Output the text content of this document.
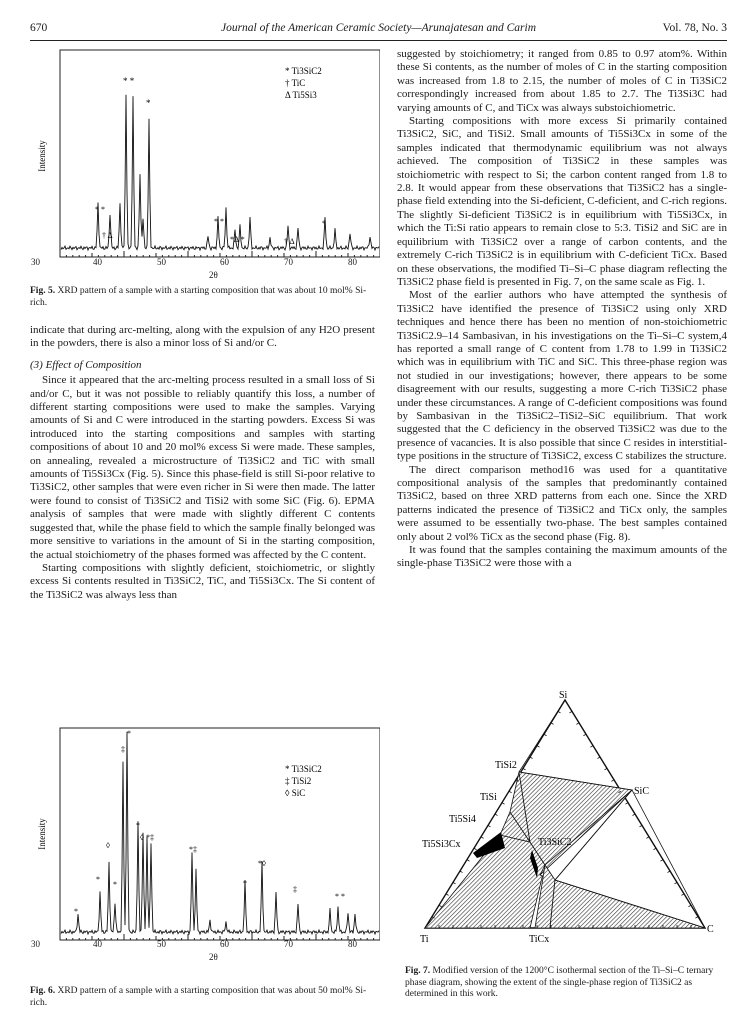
670	Journal of the American Ceramic Society—Arunajatesan and Carim	Vol. 78, No. 3
Intensity
* Ti3SiC2
† TiC
Δ Ti5Si3
* *
*
* *
† Δ
* *
*Δ *	† Δ
*
30	40	50	60	70	80
2θ
Fig. 5. XRD pattern of a sample with a starting composition that was about 10 mol% Si-rich.

indicate that during arc-melting, along with the expulsion of any H2O present in the powders, there is also a minor loss of Si and/or C.

(3) Effect of Composition

Since it appeared that the arc-melting process resulted in a small loss of Si and/or C, but it was not possible to reliably quantify this loss, a number of different starting compositions were used to make the samples. Varying amounts of Si and C were introduced in the starting powders. Excess Si was introduced into the starting compositions and samples with starting compositions of about 10 and 20 mol% excess Si were made. These samples, on annealing, revealed a microstructure of Ti3SiC2 and TiC with small amounts of Ti5Si3Cx (Fig. 5). Since this phase-field is still Si-poor relative to Ti3SiC2, other samples that were even richer in Si were then made. The latter were found to consist of Ti3SiC2 and TiSi2 with some SiC (Fig. 6). EPMA analysis of samples that were made with slightly different C contents suggested that, while the phase field to which the sample finally belonged was more sensitive to variations in the amount of Si in the starting composition, the actual stoichiometry of the phases formed was affected by the C content.

Starting compositions with slightly deficient, stoichiometric, or slightly excess Si contents resulted in Ti3SiC2, TiC, and Ti5Si3Cx. The Si content of the Ti3SiC2 was always less than

Intensity
* Ti3SiC2
‡ TiSi2
◊ SiC
*
‡
*
◊ *‡
◊	*‡
*
*
*◊
*
‡
* *
*
30	40	50	60	70	80
2θ
Fig. 6. XRD pattern of a sample with a starting composition that was about 50 mol% Si-rich.

suggested by stoichiometry; it ranged from 0.85 to 0.97 atom%. Within these Si contents, as the number of moles of C in the starting composition was increased from 1.8 to 2.15, the number of moles of C in Ti3SiC2 correspondingly increased from about 1.85 to 2.7. The Ti3Si3C had varying amounts of C, and TiCx was always substoichiometric.

Starting compositions with more excess Si primarily contained Ti3SiC2, SiC, and TiSi2. Small amounts of Ti5Si3Cx in some of the samples indicated that thermodynamic equilibrium was not always achieved. The composition of Ti3SiC2 in these samples was stoichiometric with respect to Si; the carbon content ranged from 1.8 to 2.8. It would appear from these observations that Ti3SiC2 has a single-phase field extending into the Si-deficient, C-deficient, and C-rich regions. The slightly Si-deficient Ti3SiC2 is in equilibrium with Ti5Si3Cx, in which the Ti:Si ratio appears to remain close to 5:3. TiSi2 and SiC are in equilibrium with Ti3SiC2 over a range of carbon contents, and the extremely C-rich Ti3SiC2 is in equilibrium with C-deficient TiCx. Based on these observations, the modified Ti–Si–C phase diagram reflecting the Ti3SiC2 phase field is presented in Fig. 7, on the same scale as Fig. 1.

Most of the earlier authors who have attempted the synthesis of Ti3SiC2 have identified the presence of Ti3SiC2 using only XRD techniques and hence there has been no mention of non-stoichiometric Ti3SiC2.9–14 Sambasivan, in his investigations on the Ti–Si–C system,4 has reported a small range of C content from 1.78 to 1.99 in Ti3SiC2 which was in equilibrium with TiC and SiC. This three-phase region was not studied in our investigations; however, there appears to be some disagreement with our results, suggesting a more C-rich Ti3SiC2 phase under these circumstances. A range of C-deficient compositions was found by Sambasivan in the Ti3SiC2–TiSi2–SiC equilibrium. That work suggested that the C deficiency in the observed Ti3SiC2 was due to the presence of vacancies. It is also possible that since C resides in interstitial-type positions in the structure of Ti3SiC2, excess C stabilizes the structure.

The direct comparison method16 was used for a quantitative compositional analysis of the samples that predominantly contained Ti3SiC2, based on three XRD patterns from each one. Since the XRD patterns indicated the presence of Ti3SiC2 and TiCx only, the samples were assumed to be essentially two-phase. The best samples contained only about 2 vol% TiCx as the second phase (Fig. 8).

It was found that the samples containing the maximum amounts of the single-phase Ti3SiC2 were those with a

Si
TiSi2
SiC
TiSi
Ti5Si4
Ti5Si3Cx	Ti3SiC2
Ti	TiCx
C
Fig. 7. Modified version of the 1200°C isothermal section of the Ti–Si–C ternary phase diagram, showing the extent of the single-phase region of Ti3SiC2 as determined in this work.
